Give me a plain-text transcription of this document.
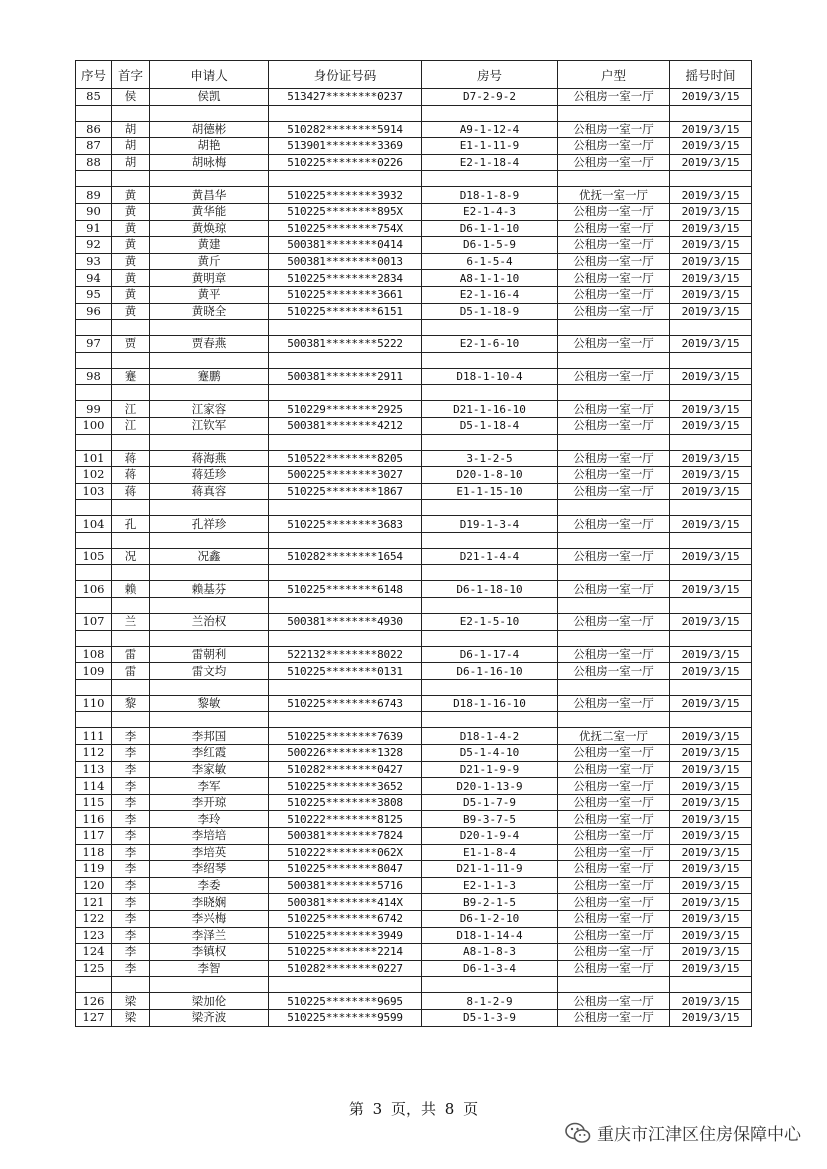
序号	首字	申请人	身份证号码	房号	户型	摇号时间
85	侯	侯凯	513427********0237	D7-2-9-2	公租房一室一厅	2019/3/15

86	胡	胡德彬	510282********5914	A9-1-12-4	公租房一室一厅	2019/3/15
87	胡	胡艳	513901********3369	E1-1-11-9	公租房一室一厅	2019/3/15
88	胡	胡咏梅	510225********0226	E2-1-18-4	公租房一室一厅	2019/3/15

89	黄	黄昌华	510225********3932	D18-1-8-9	优抚一室一厅	2019/3/15
90	黄	黄华能	510225********895X	E2-1-4-3	公租房一室一厅	2019/3/15
91	黄	黄焕琼	510225********754X	D6-1-1-10	公租房一室一厅	2019/3/15
92	黄	黄建	500381********0414	D6-1-5-9	公租房一室一厅	2019/3/15
93	黄	黄斤	500381********0013	6-1-5-4	公租房一室一厅	2019/3/15
94	黄	黄明章	510225********2834	A8-1-1-10	公租房一室一厅	2019/3/15
95	黄	黄平	510225********3661	E2-1-16-4	公租房一室一厅	2019/3/15
96	黄	黄晓全	510225********6151	D5-1-18-9	公租房一室一厅	2019/3/15

97	贾	贾春燕	500381********5222	E2-1-6-10	公租房一室一厅	2019/3/15

98	蹇	蹇鹏	500381********2911	D18-1-10-4	公租房一室一厅	2019/3/15

99	江	江家容	510229********2925	D21-1-16-10	公租房一室一厅	2019/3/15
100	江	江钦军	500381********4212	D5-1-18-4	公租房一室一厅	2019/3/15

101	蒋	蒋海燕	510522********8205	3-1-2-5	公租房一室一厅	2019/3/15
102	蒋	蒋廷珍	500225********3027	D20-1-8-10	公租房一室一厅	2019/3/15
103	蒋	蒋真容	510225********1867	E1-1-15-10	公租房一室一厅	2019/3/15

104	孔	孔祥珍	510225********3683	D19-1-3-4	公租房一室一厅	2019/3/15

105	况	况鑫	510282********1654	D21-1-4-4	公租房一室一厅	2019/3/15

106	赖	赖基芬	510225********6148	D6-1-18-10	公租房一室一厅	2019/3/15

107	兰	兰治权	500381********4930	E2-1-5-10	公租房一室一厅	2019/3/15

108	雷	雷朝利	522132********8022	D6-1-17-4	公租房一室一厅	2019/3/15
109	雷	雷文均	510225********0131	D6-1-16-10	公租房一室一厅	2019/3/15

110	黎	黎敏	510225********6743	D18-1-16-10	公租房一室一厅	2019/3/15

111	李	李邦国	510225********7639	D18-1-4-2	优抚二室一厅	2019/3/15
112	李	李红霞	500226********1328	D5-1-4-10	公租房一室一厅	2019/3/15
113	李	李家敏	510282********0427	D21-1-9-9	公租房一室一厅	2019/3/15
114	李	李军	510225********3652	D20-1-13-9	公租房一室一厅	2019/3/15
115	李	李开琼	510225********3808	D5-1-7-9	公租房一室一厅	2019/3/15
116	李	李玲	510222********8125	B9-3-7-5	公租房一室一厅	2019/3/15
117	李	李培培	500381********7824	D20-1-9-4	公租房一室一厅	2019/3/15
118	李	李培英	510222********062X	E1-1-8-4	公租房一室一厅	2019/3/15
119	李	李绍琴	510225********8047	D21-1-11-9	公租房一室一厅	2019/3/15
120	李	李委	500381********5716	E2-1-1-3	公租房一室一厅	2019/3/15
121	李	李晓娴	500381********414X	B9-2-1-5	公租房一室一厅	2019/3/15
122	李	李兴梅	510225********6742	D6-1-2-10	公租房一室一厅	2019/3/15
123	李	李泽兰	510225********3949	D18-1-14-4	公租房一室一厅	2019/3/15
124	李	李镇权	510225********2214	A8-1-8-3	公租房一室一厅	2019/3/15
125	李	李智	510282********0227	D6-1-3-4	公租房一室一厅	2019/3/15

126	梁	梁加伦	510225********9695	8-1-2-9	公租房一室一厅	2019/3/15
127	梁	梁齐波	510225********9599	D5-1-3-9	公租房一室一厅	2019/3/15
第 3 页，共 8 页
重庆市江津区住房保障中心
